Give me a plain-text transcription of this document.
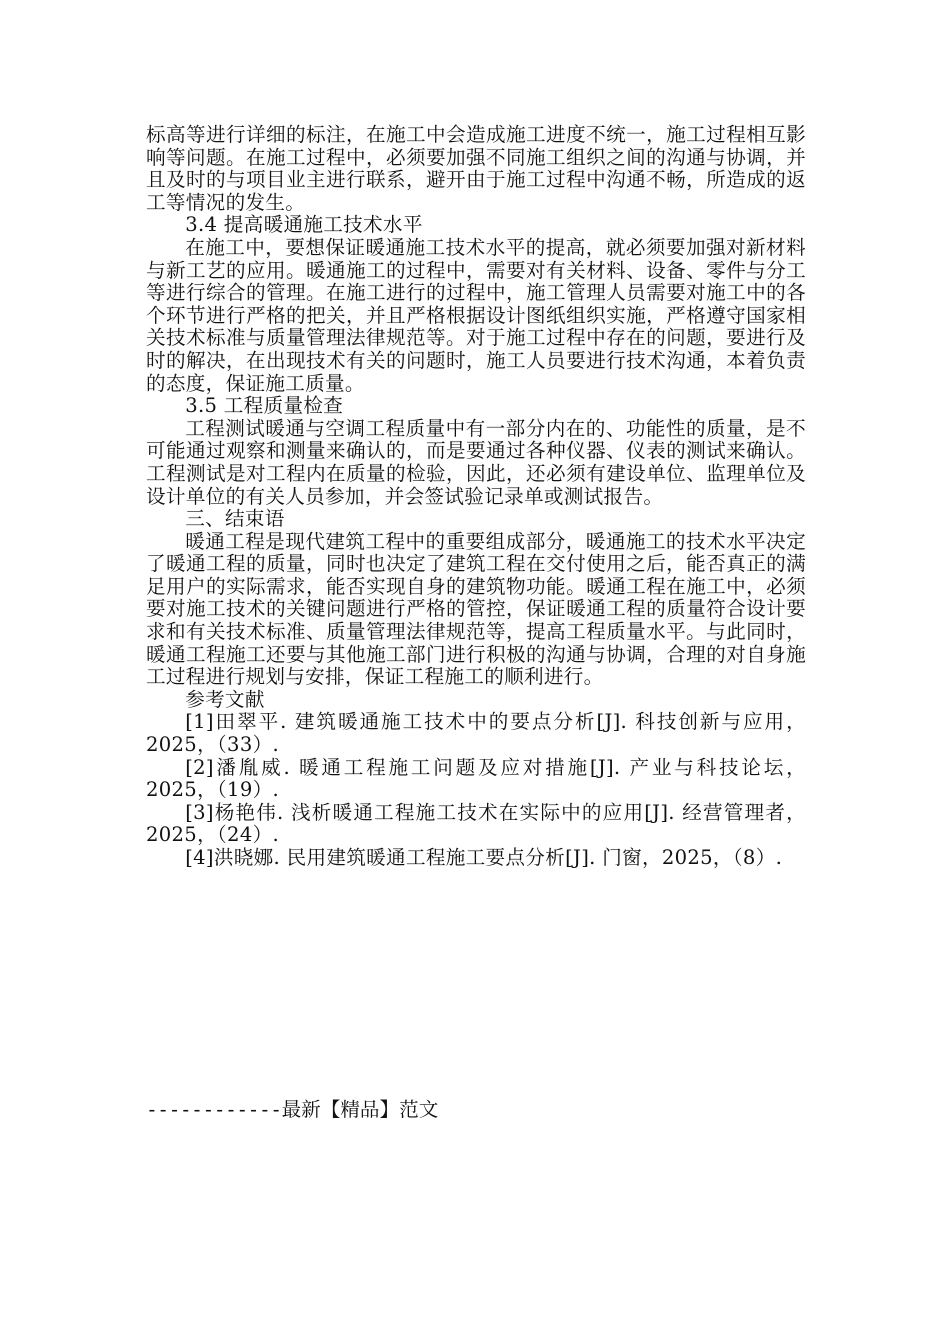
标高等进行详细的标注，在施工中会造成施工进度不统一，施工过程相互影响等问题。在施工过程中，必须要加强不同施工组织之间的沟通与协调，并且及时的与项目业主进行联系，避开由于施工过程中沟通不畅，所造成的返工等情况的发生。

3.4 提高暖通施工技术水平

在施工中，要想保证暖通施工技术水平的提高，就必须要加强对新材料与新工艺的应用。暖通施工的过程中，需要对有关材料、设备、零件与分工等进行综合的管理。在施工进行的过程中，施工管理人员需要对施工中的各个环节进行严格的把关，并且严格根据设计图纸组织实施，严格遵守国家相关技术标准与质量管理法律规范等。对于施工过程中存在的问题，要进行及时的解决，在出现技术有关的问题时，施工人员要进行技术沟通，本着负责的态度，保证施工质量。

3.5 工程质量检查

工程测试暖通与空调工程质量中有一部分内在的、功能性的质量，是不可能通过观察和测量来确认的，而是要通过各种仪器、仪表的测试来确认。工程测试是对工程内在质量的检验，因此，还必须有建设单位、监理单位及设计单位的有关人员参加，并会签试验记录单或测试报告。

三、结束语

暖通工程是现代建筑工程中的重要组成部分，暖通施工的技术水平决定了暖通工程的质量，同时也决定了建筑工程在交付使用之后，能否真正的满足用户的实际需求，能否实现自身的建筑物功能。暖通工程在施工中，必须要对施工技术的关键问题进行严格的管控，保证暖通工程的质量符合设计要求和有关技术标准、质量管理法律规范等，提高工程质量水平。与此同时，暖通工程施工还要与其他施工部门进行积极的沟通与协调，合理的对自身施工过程进行规划与安排，保证工程施工的顺利进行。

参考文献

[1]田翠平. 建筑暖通施工技术中的要点分析[J]. 科技创新与应用，2025，（33）.

[2]潘胤威. 暖通工程施工问题及应对措施[J]. 产业与科技论坛，2025，（19）.

[3]杨艳伟. 浅析暖通工程施工技术在实际中的应用[J]. 经营管理者，2025，（24）.

[4]洪晓娜. 民用建筑暖通工程施工要点分析[J]. 门窗，2025，（8）.

------------最新【精品】范文
